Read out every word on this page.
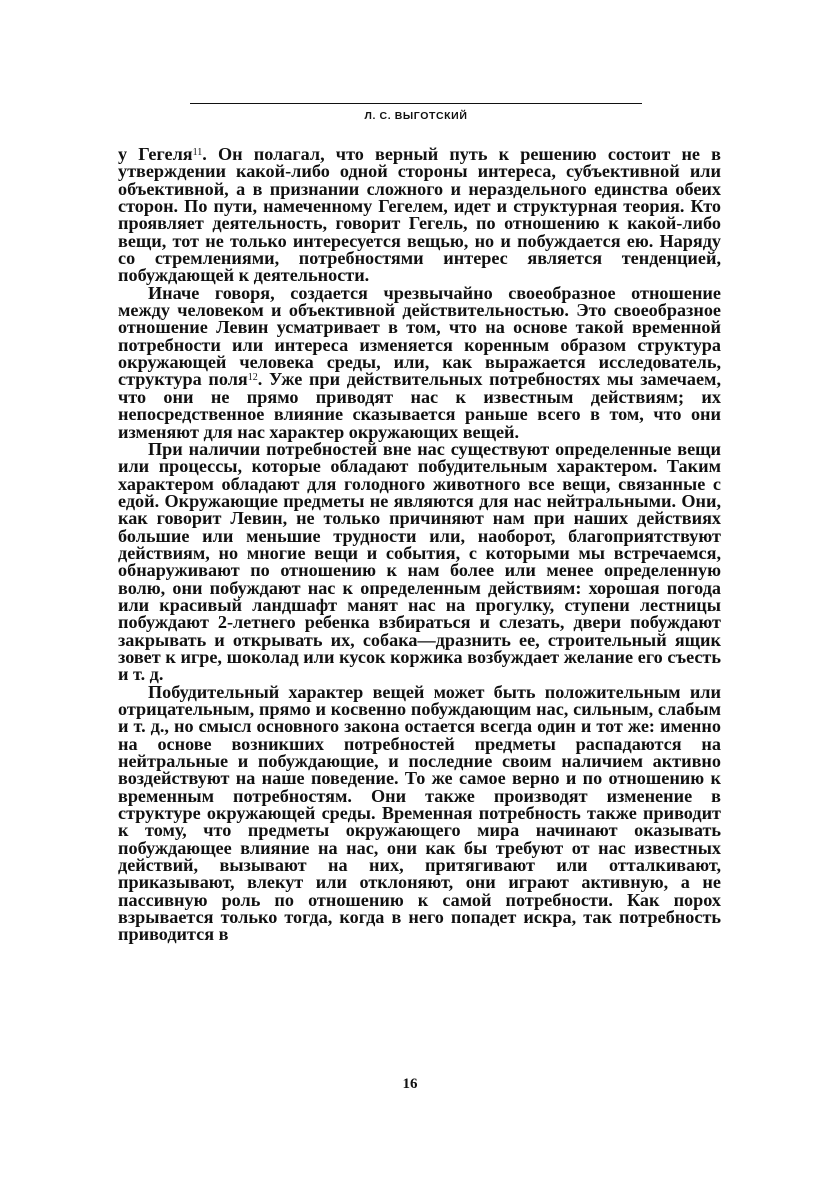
Л. С. ВЫГОТСКИЙ

у Гегеля$^{11}$. Он полагал, что верный путь к решению состоит не в утверждении какой-либо одной стороны интереса, субъективной или объективной, а в признании сложного и нераздельного единства обеих сторон. По пути, намеченному Гегелем, идет и структурная теория. Кто проявляет деятельность, говорит Гегель, по отношению к какой-либо вещи, тот не только интересуется вещью, но и побуждается ею. Наряду со стремлениями, потребностями интерес является тенденцией, побуждающей к деятельности.

Иначе говоря, создается чрезвычайно своеобразное отношение между человеком и объективной действительностью. Это своеобразное отношение Левин усматривает в том, что на основе такой временной потребности или интереса изменяется коренным образом структура окружающей человека среды, или, как выражается исследователь, структура поля$^{12}$. Уже при действительных потребностях мы замечаем, что они не прямо приводят нас к известным действиям; их непосредственное влияние сказывается раньше всего в том, что они изменяют для нас характер окружающих вещей.

При наличии потребностей вне нас существуют определенные вещи или процессы, которые обладают побудительным характером. Таким характером обладают для голодного животного все вещи, связанные с едой. Окружающие предметы не являются для нас нейтральными. Они, как говорит Левин, не только причиняют нам при наших действиях большие или меньшие трудности или, наоборот, благоприятствуют действиям, но многие вещи и события, с которыми мы встречаемся, обнаруживают по отношению к нам более или менее определенную волю, они побуждают нас к определенным действиям: хорошая погода или красивый ландшафт манят нас на прогулку, ступени лестницы побуждают 2-летнего ребенка взбираться и слезать, двери побуждают закрывать и открывать их, собака—дразнить ее, строительный ящик зовет к игре, шоколад или кусок коржика возбуждает желание его съесть и т. д.

Побудительный характер вещей может быть положительным или отрицательным, прямо и косвенно побуждающим нас, сильным, слабым и т. д., но смысл основного закона остается всегда один и тот же: именно на основе возникших потребностей предметы распадаются на нейтральные и побуждающие, и последние своим наличием активно воздействуют на наше поведение. То же самое верно и по отношению к временным потребностям. Они также производят изменение в структуре окружающей среды. Временная потребность также приводит к тому, что предметы окружающего мира начинают оказывать побуждающее влияние на нас, они как бы требуют от нас известных действий, вызывают на них, притягивают или отталкивают, приказывают, влекут или отклоняют, они играют активную, а не пассивную роль по отношению к самой потребности. Как порох взрывается только тогда, когда в него попадет искра, так потребность приводится в

16
